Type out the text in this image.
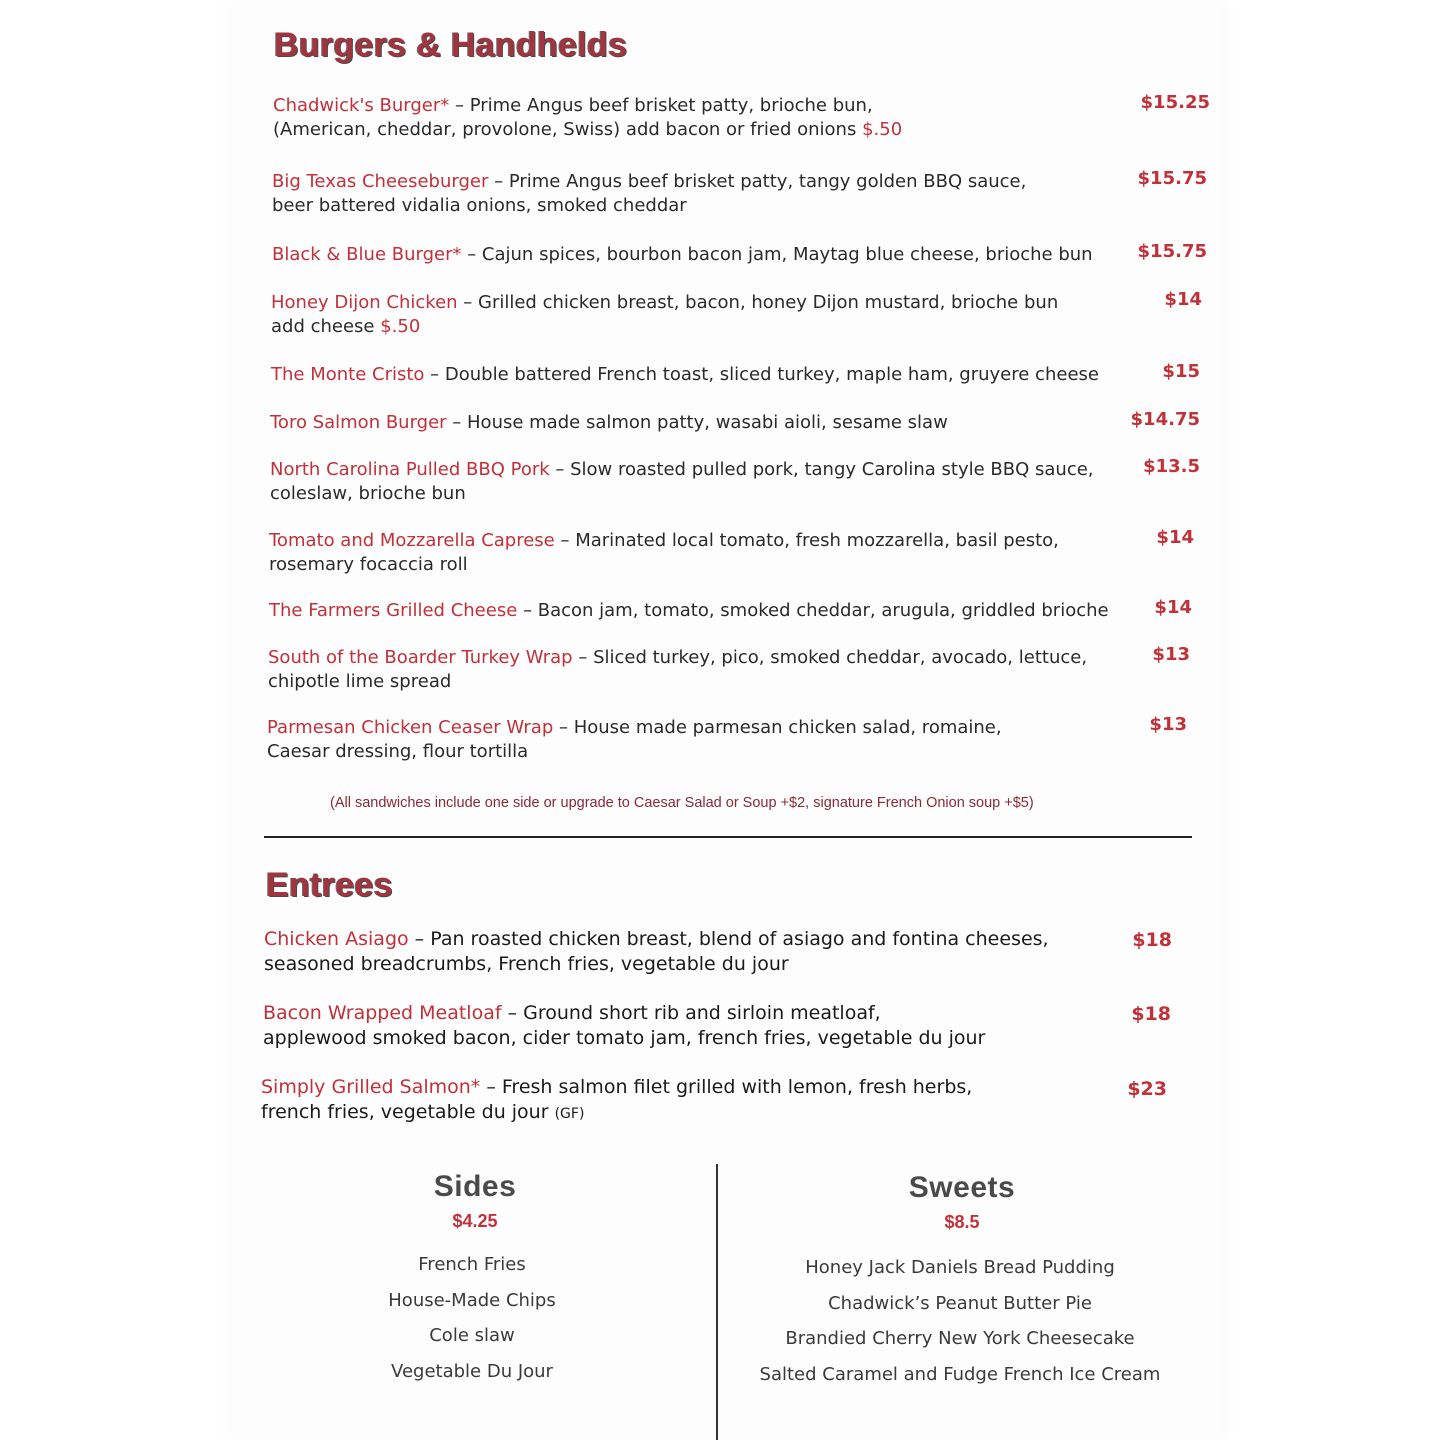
Burgers & Handhelds
Chadwick's Burger* – Prime Angus beef brisket patty, brioche bun,
(American, cheddar, provolone, Swiss) add bacon or fried onions $.50
$15.25
Big Texas Cheeseburger – Prime Angus beef brisket patty, tangy golden BBQ sauce,
beer battered vidalia onions, smoked cheddar
$15.75
Black & Blue Burger* – Cajun spices, bourbon bacon jam, Maytag blue cheese, brioche bun $15.75
Honey Dijon Chicken – Grilled chicken breast, bacon, honey Dijon mustard, brioche bun
add cheese $.50
$14
The Monte Cristo – Double battered French toast, sliced turkey, maple ham, gruyere cheese	$15
Toro Salmon Burger – House made salmon patty, wasabi aioli, sesame slaw	$14.75
North Carolina Pulled BBQ Pork – Slow roasted pulled pork, tangy Carolina style BBQ sauce,
coleslaw, brioche bun
$13.5
Tomato and Mozzarella Caprese – Marinated local tomato, fresh mozzarella, basil pesto,
rosemary focaccia roll
$14
The Farmers Grilled Cheese – Bacon jam, tomato, smoked cheddar, arugula, griddled brioche	$14
South of the Boarder Turkey Wrap – Sliced turkey, pico, smoked cheddar, avocado, lettuce,
chipotle lime spread
$13
Parmesan Chicken Ceaser Wrap – House made parmesan chicken salad, romaine,
Caesar dressing, flour tortilla
$13
(All sandwiches include one side or upgrade to Caesar Salad or Soup +$2, signature French Onion soup +$5)
Entrees
Chicken Asiago – Pan roasted chicken breast, blend of asiago and fontina cheeses,
seasoned breadcrumbs, French fries, vegetable du jour
$18
Bacon Wrapped Meatloaf – Ground short rib and sirloin meatloaf,
applewood smoked bacon, cider tomato jam, french fries, vegetable du jour
$18
Simply Grilled Salmon* – Fresh salmon filet grilled with lemon, fresh herbs,
french fries, vegetable du jour (GF)
$23
Sides
$4.25
French Fries
House-Made Chips
Cole slaw
Vegetable Du Jour
Sweets
$8.5
Honey Jack Daniels Bread Pudding
Chadwick’s Peanut Butter Pie
Brandied Cherry New York Cheesecake
Salted Caramel and Fudge French Ice Cream
